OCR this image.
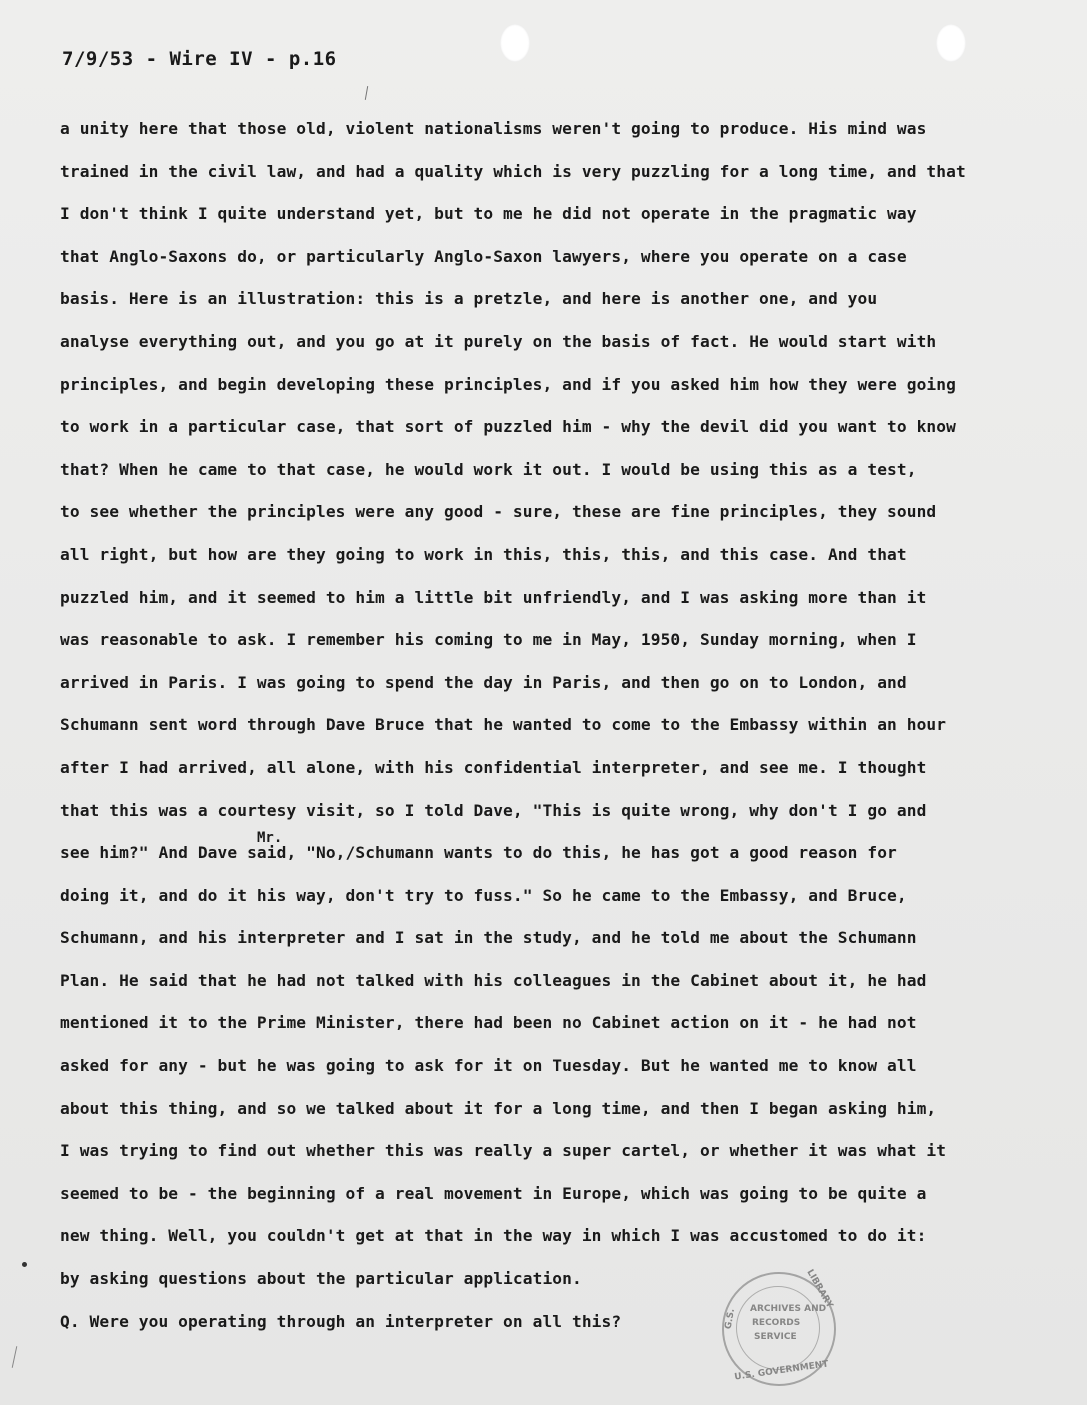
7/9/53 - Wire IV - p.16
a unity here that those old, violent nationalisms weren't going to produce. His mind was
trained in the civil law, and had a quality which is very puzzling for a long time, and that
I don't think I quite understand yet, but to me he did not operate in the pragmatic way
that Anglo-Saxons do, or particularly Anglo-Saxon lawyers, where you operate on a case
basis. Here is an illustration: this is a pretzle, and here is another one, and you
analyse everything out, and you go at it purely on the basis of fact. He would start with
principles, and begin developing these principles, and if you asked him how they were going
to work in a particular case, that sort of puzzled him - why the devil did you want to know
that? When he came to that case, he would work it out. I would be using this as a test,
to see whether the principles were any good - sure, these are fine principles, they sound
all right, but how are they going to work in this, this, this, and this case. And that
puzzled him, and it seemed to him a little bit unfriendly, and I was asking more than it
was reasonable to ask. I remember his coming to me in May, 1950, Sunday morning, when I
arrived in Paris. I was going to spend the day in Paris, and then go on to London, and
Schumann sent word through Dave Bruce that he wanted to come to the Embassy within an hour
after I had arrived, all alone, with his confidential interpreter, and see me. I thought
that this was a courtesy visit, so I told Dave, "This is quite wrong, why don't I go and
see him?" And Dave said, "No,/Schumann wants to do this, he has got a good reason for
doing it, and do it his way, don't try to fuss." So he came to the Embassy, and Bruce,
Schumann, and his interpreter and I sat in the study, and he told me about the Schumann
Plan. He said that he had not talked with his colleagues in the Cabinet about it, he had
mentioned it to the Prime Minister, there had been no Cabinet action on it - he had not
asked for any - but he was going to ask for it on Tuesday. But he wanted me to know all
about this thing, and so we talked about it for a long time, and then I began asking him,
I was trying to find out whether this was really a super cartel, or whether it was what it
seemed to be - the beginning of a real movement in Europe, which was going to be quite a
new thing. Well, you couldn't get at that in the way in which I was accustomed to do it:
by asking questions about the particular application.
Q. Were you operating through an interpreter on all this?
Mr.
ARCHIVES AND
RECORDS
SERVICE
U.S. GOVERNMENT
LIBRARY
G.S.
